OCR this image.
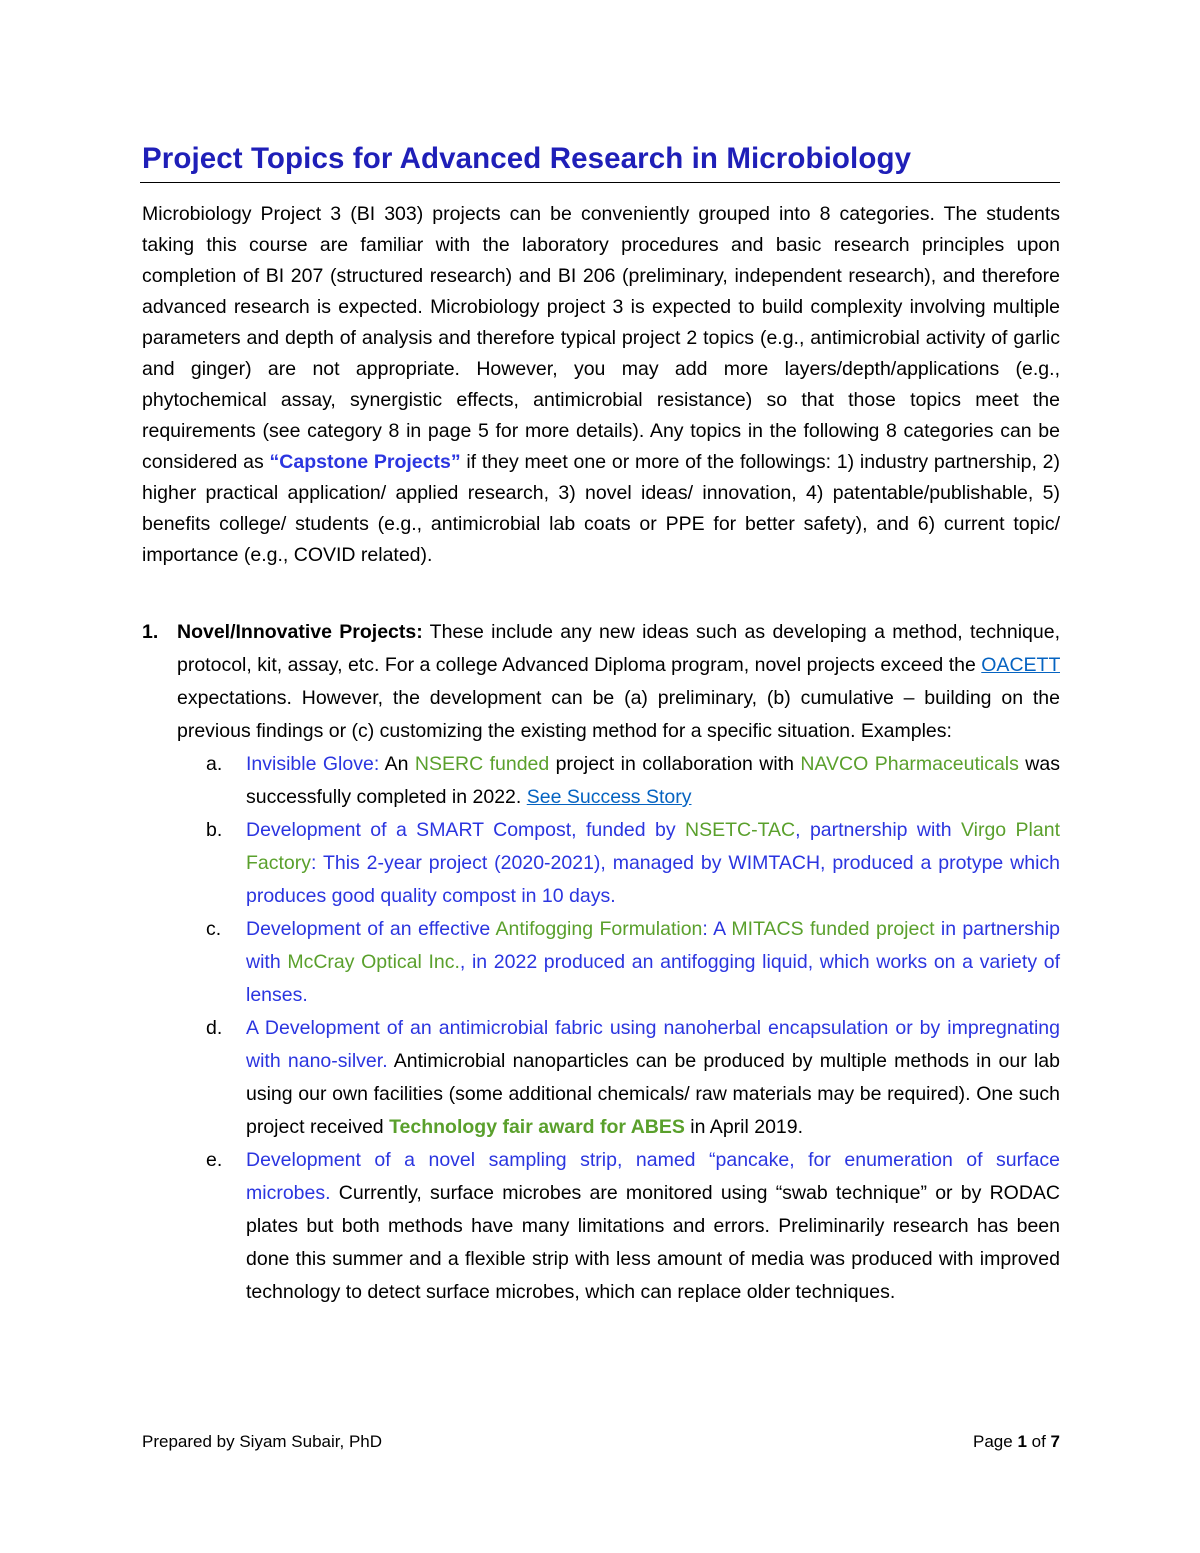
Project Topics for Advanced Research in Microbiology
Microbiology Project 3 (BI 303) projects can be conveniently grouped into 8 categories. The students taking this course are familiar with the laboratory procedures and basic research principles upon completion of BI 207 (structured research) and BI 206 (preliminary, independent research), and therefore advanced research is expected. Microbiology project 3 is expected to build complexity involving multiple parameters and depth of analysis and therefore typical project 2 topics (e.g., antimicrobial activity of garlic and ginger) are not appropriate. However, you may add more layers/depth/applications (e.g., phytochemical assay, synergistic effects, antimicrobial resistance) so that those topics meet the requirements (see category 8 in page 5 for more details). Any topics in the following 8 categories can be considered as “Capstone Projects” if they meet one or more of the followings: 1) industry partnership, 2) higher practical application/ applied research, 3) novel ideas/ innovation, 4) patentable/publishable, 5) benefits college/ students (e.g., antimicrobial lab coats or PPE for better safety), and 6) current topic/ importance (e.g., COVID related).
1. Novel/Innovative Projects: These include any new ideas such as developing a method, technique, protocol, kit, assay, etc. For a college Advanced Diploma program, novel projects exceed the OACETT expectations. However, the development can be (a) preliminary, (b) cumulative – building on the previous findings or (c) customizing the existing method for a specific situation. Examples:
a.	Invisible Glove: An NSERC funded project in collaboration with NAVCO Pharmaceuticals was successfully completed in 2022. See Success Story
b.	Development of a SMART Compost, funded by NSETC-TAC, partnership with Virgo Plant Factory: This 2-year project (2020-2021), managed by WIMTACH, produced a protype which produces good quality compost in 10 days.
c.	Development of an effective Antifogging Formulation: A MITACS funded project in partnership with McCray Optical Inc., in 2022 produced an antifogging liquid, which works on a variety of lenses.
d.	A Development of an antimicrobial fabric using nanoherbal encapsulation or by impregnating with nano-silver. Antimicrobial nanoparticles can be produced by multiple methods in our lab using our own facilities (some additional chemicals/ raw materials may be required). One such project received Technology fair award for ABES in April 2019.
e.	Development of a novel sampling strip, named “pancake, for enumeration of surface microbes. Currently, surface microbes are monitored using “swab technique” or by RODAC plates but both methods have many limitations and errors. Preliminarily research has been done this summer and a flexible strip with less amount of media was produced with improved technology to detect surface microbes, which can replace older techniques.
Prepared by Siyam Subair, PhD	Page 1 of 7
